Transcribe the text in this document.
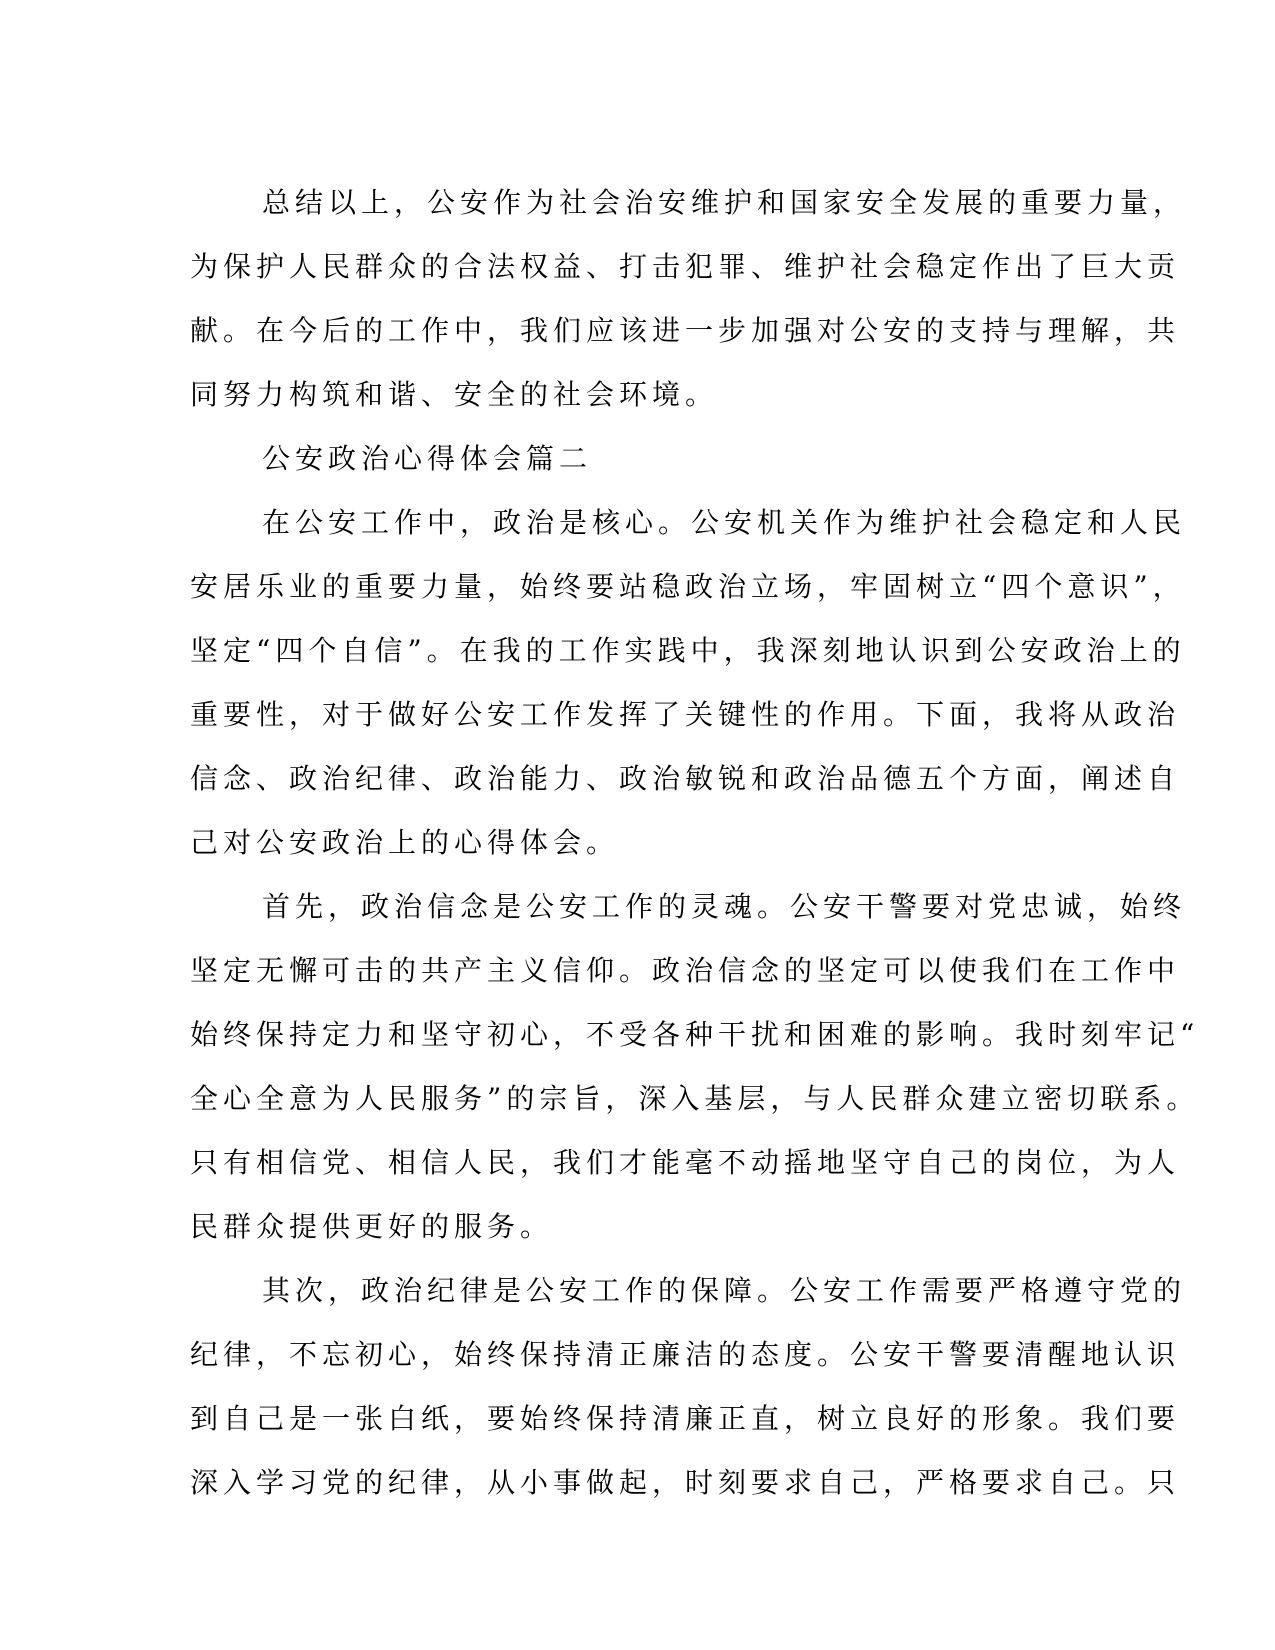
总结以上，公安作为社会治安维护和国家安全发展的重要力量，
为保护人民群众的合法权益、打击犯罪、维护社会稳定作出了巨大贡
献。在今后的工作中，我们应该进一步加强对公安的支持与理解，共
同努力构筑和谐、安全的社会环境。
公安政治心得体会篇二
在公安工作中，政治是核心。公安机关作为维护社会稳定和人民
安居乐业的重要力量，始终要站稳政治立场，牢固树立“四个意识”，
坚定“四个自信”。在我的工作实践中，我深刻地认识到公安政治上的
重要性，对于做好公安工作发挥了关键性的作用。下面，我将从政治
信念、政治纪律、政治能力、政治敏锐和政治品德五个方面，阐述自
己对公安政治上的心得体会。
首先，政治信念是公安工作的灵魂。公安干警要对党忠诚，始终
坚定无懈可击的共产主义信仰。政治信念的坚定可以使我们在工作中
始终保持定力和坚守初心，不受各种干扰和困难的影响。我时刻牢记“
全心全意为人民服务”的宗旨，深入基层，与人民群众建立密切联系。
只有相信党、相信人民，我们才能毫不动摇地坚守自己的岗位，为人
民群众提供更好的服务。
其次，政治纪律是公安工作的保障。公安工作需要严格遵守党的
纪律，不忘初心，始终保持清正廉洁的态度。公安干警要清醒地认识
到自己是一张白纸，要始终保持清廉正直，树立良好的形象。我们要
深入学习党的纪律，从小事做起，时刻要求自己，严格要求自己。只
